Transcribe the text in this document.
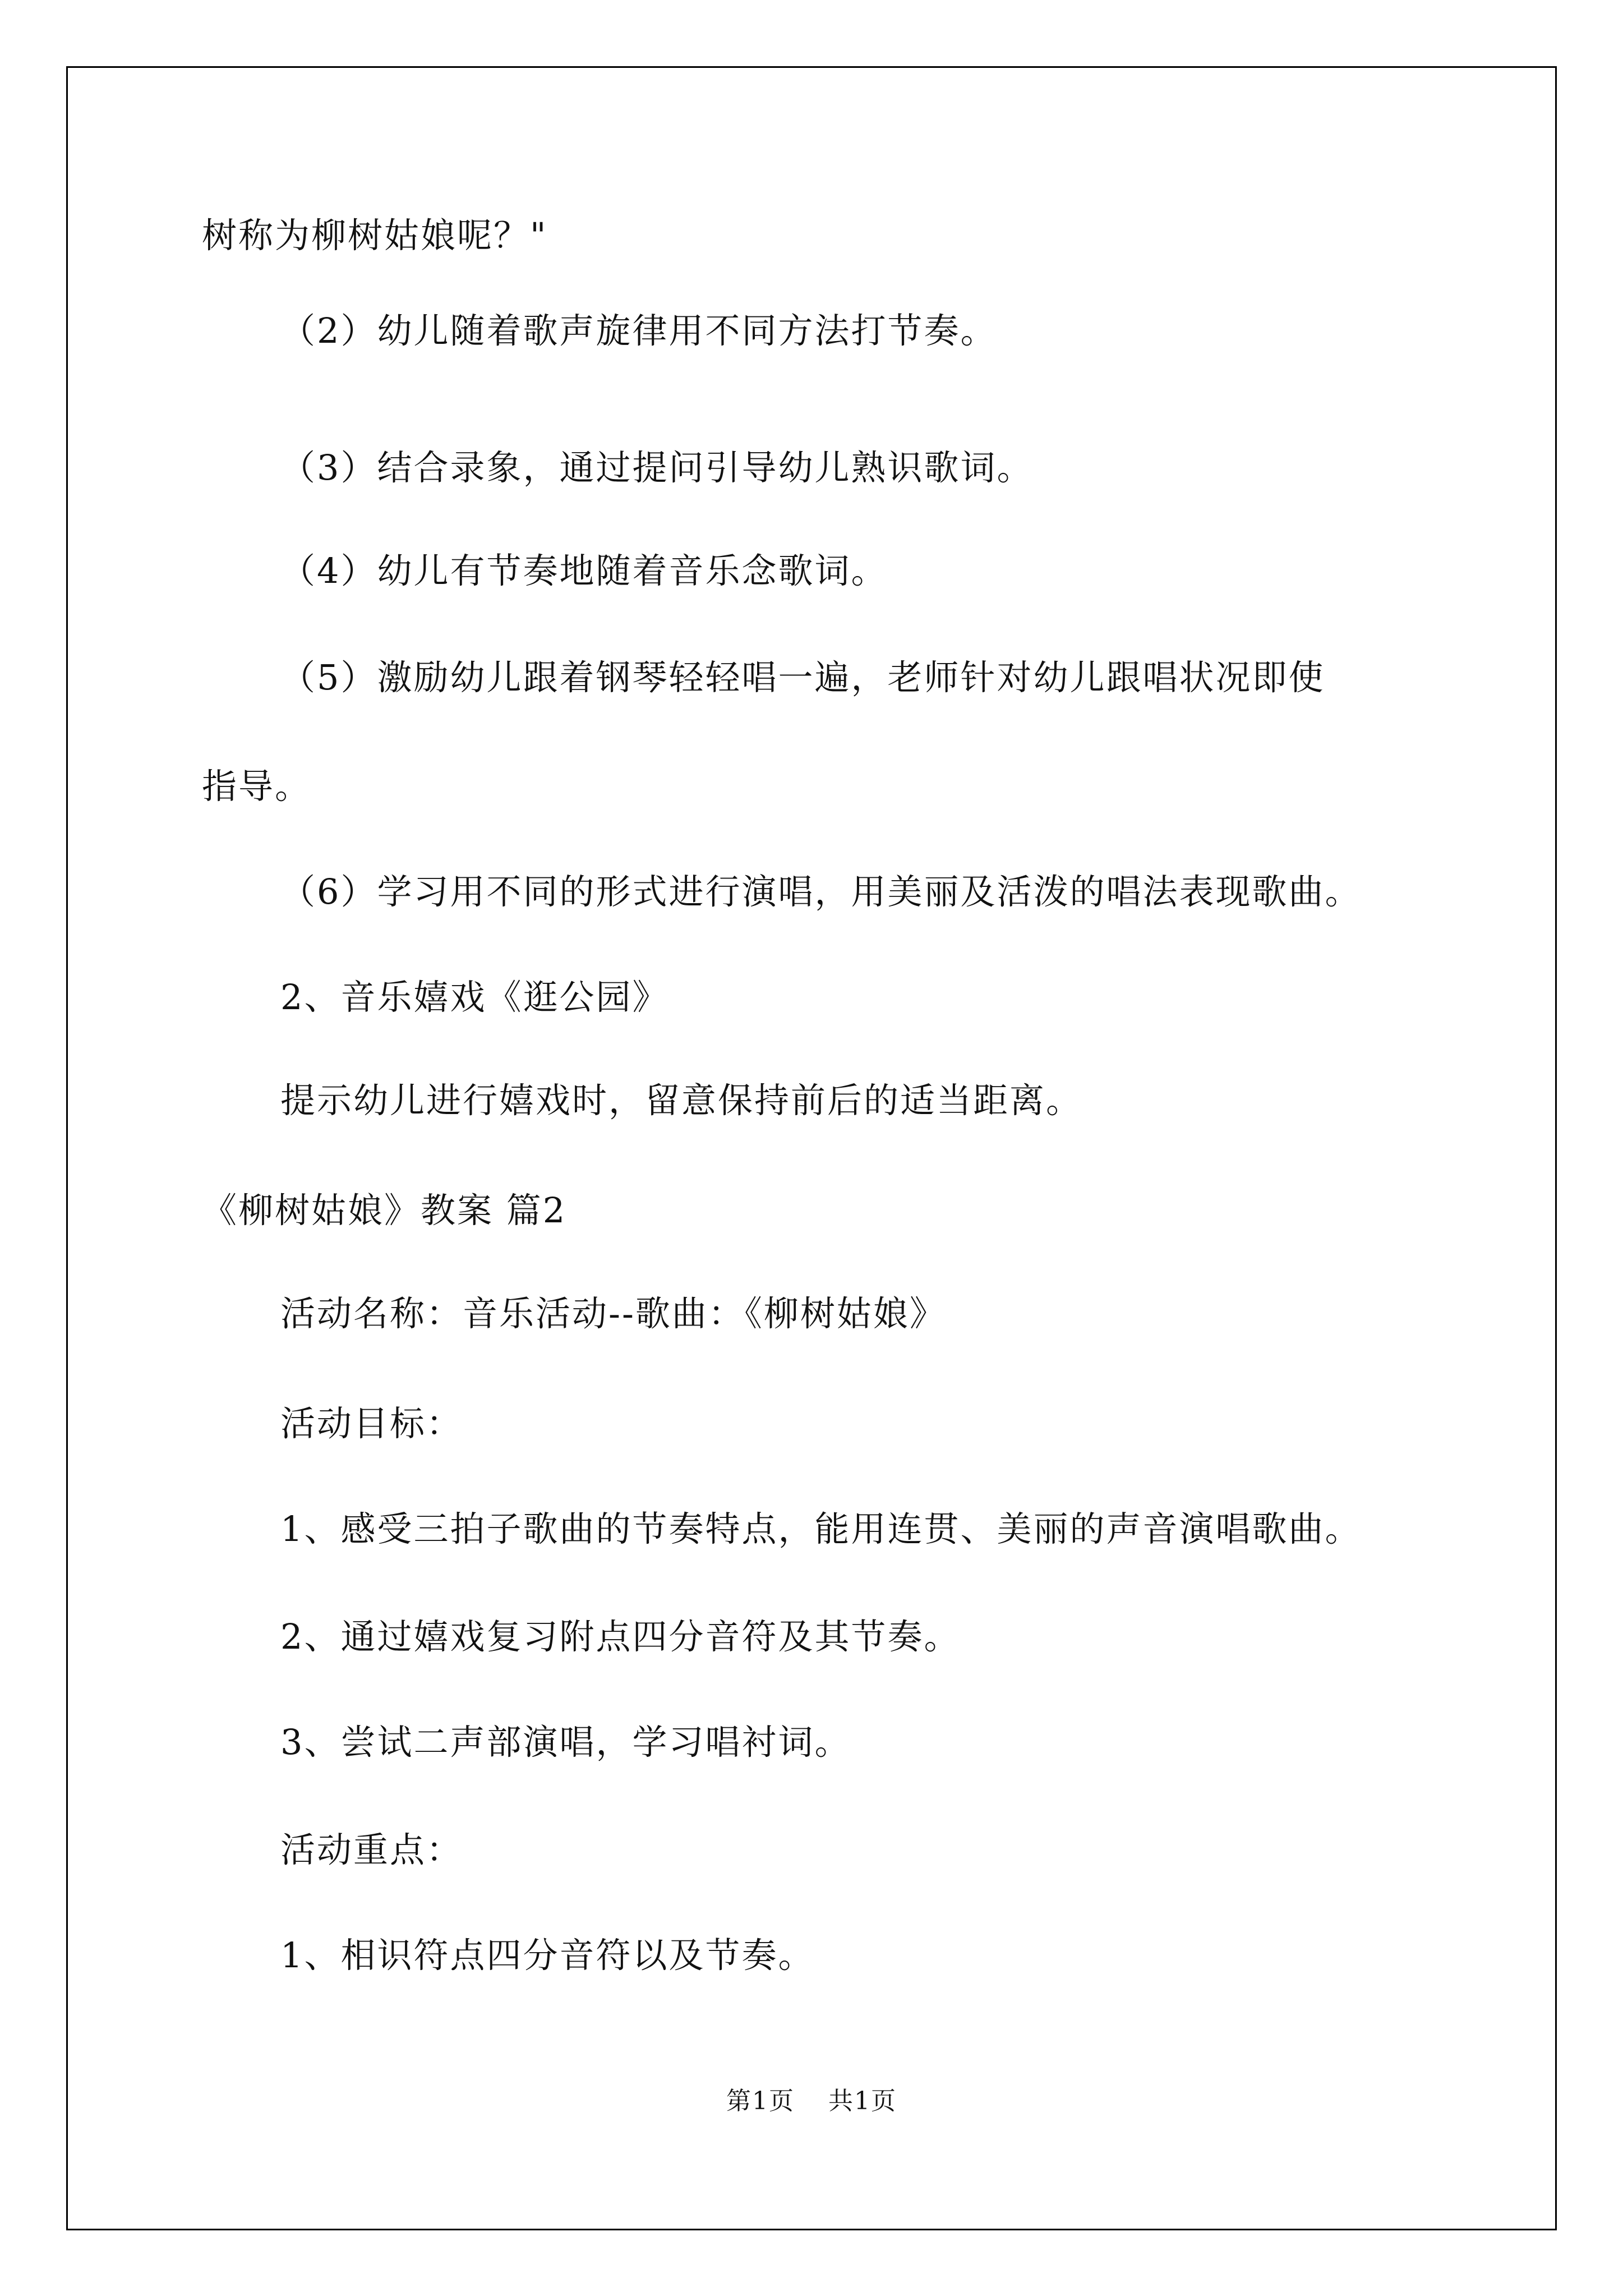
树称为柳树姑娘呢？"
（2）幼儿随着歌声旋律用不同方法打节奏。
（3）结合录象，通过提问引导幼儿熟识歌词。
（4）幼儿有节奏地随着音乐念歌词。
（5）激励幼儿跟着钢琴轻轻唱一遍，老师针对幼儿跟唱状况即使
指导。
（6）学习用不同的形式进行演唱，用美丽及活泼的唱法表现歌曲。
2、音乐嬉戏《逛公园》
提示幼儿进行嬉戏时，留意保持前后的适当距离。
《柳树姑娘》教案 篇2
活动名称：音乐活动--歌曲：《柳树姑娘》
活动目标：
1、感受三拍子歌曲的节奏特点，能用连贯、美丽的声音演唱歌曲。
2、通过嬉戏复习附点四分音符及其节奏。
3、尝试二声部演唱，学习唱衬词。
活动重点：
1、相识符点四分音符以及节奏。
第1页 共1页
